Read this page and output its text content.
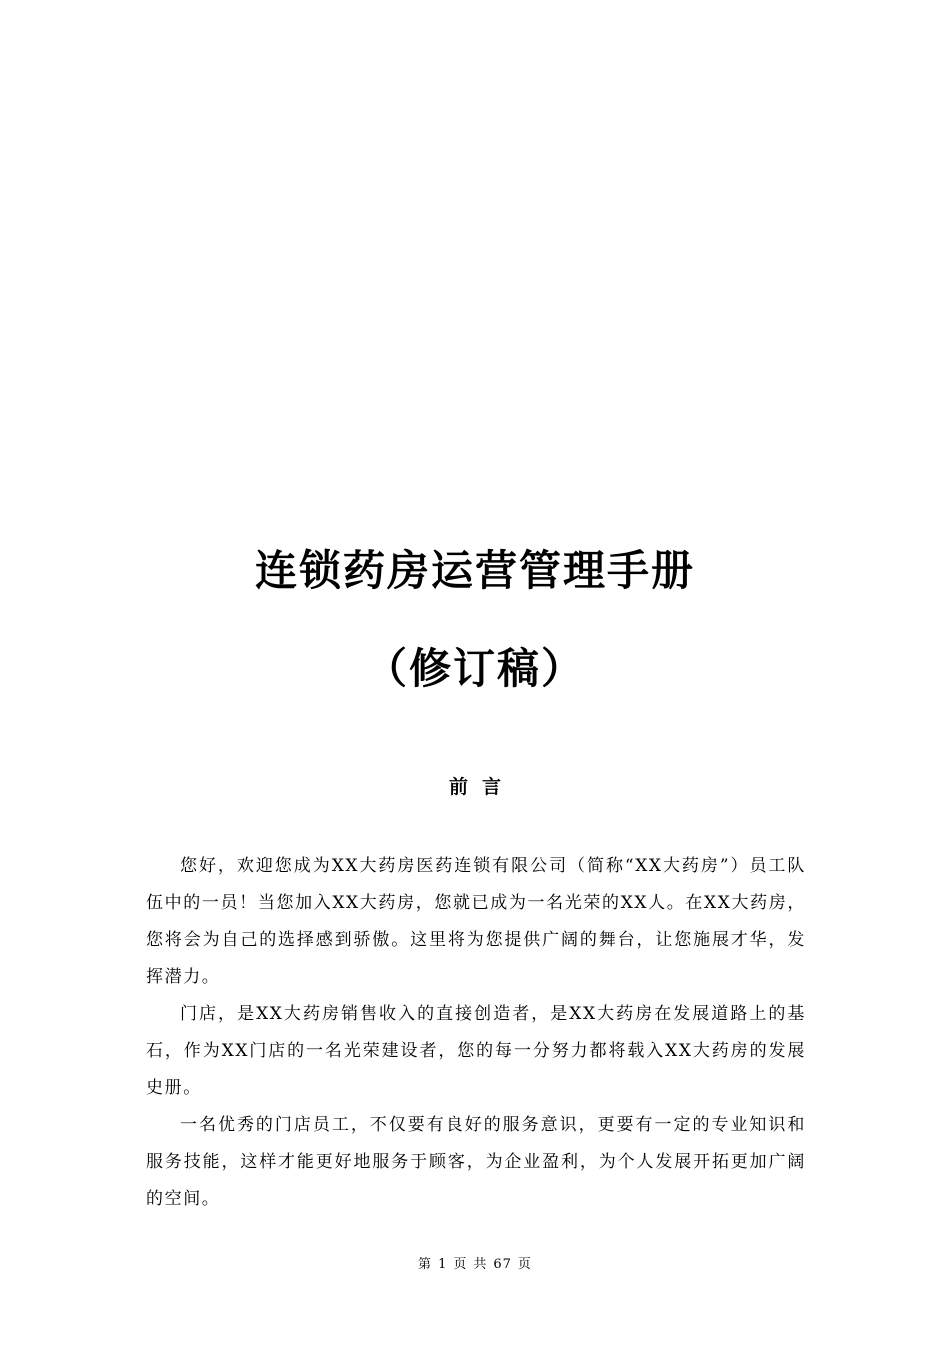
连锁药房运营管理手册
（修订稿）
前言

您好，欢迎您成为XX大药房医药连锁有限公司（简称“XX大药房”）员工队伍中的一员！当您加入XX大药房，您就已成为一名光荣的XX人。在XX大药房，您将会为自己的选择感到骄傲。这里将为您提供广阔的舞台，让您施展才华，发挥潜力。

门店，是XX大药房销售收入的直接创造者，是XX大药房在发展道路上的基石，作为XX门店的一名光荣建设者，您的每一分努力都将载入XX大药房的发展史册。

一名优秀的门店员工，不仅要有良好的服务意识，更要有一定的专业知识和服务技能，这样才能更好地服务于顾客，为企业盈利，为个人发展开拓更加广阔的空间。

第 1 页 共 67 页
